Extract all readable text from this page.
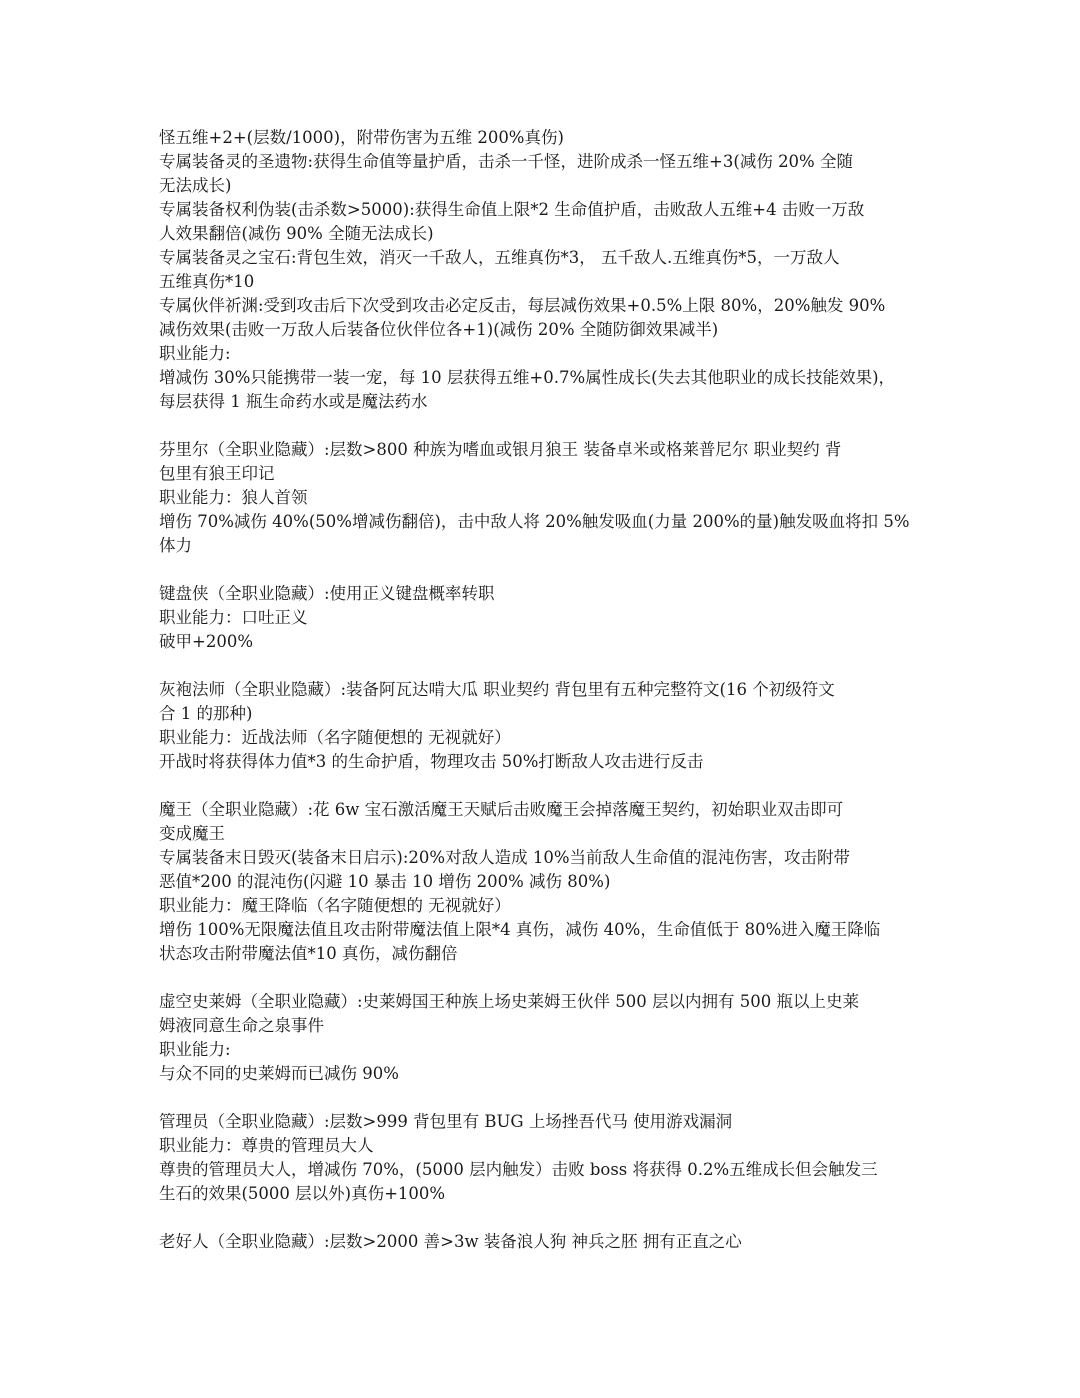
怪五维+2+(层数/1000)，附带伤害为五维 200%真伤)
专属装备灵的圣遗物:获得生命值等量护盾，击杀一千怪，进阶成杀一怪五维+3(减伤 20% 全随
无法成长)
专属装备权利伪装(击杀数>5000):获得生命值上限*2 生命值护盾，击败敌人五维+4 击败一万敌
人效果翻倍(减伤 90% 全随无法成长)
专属装备灵之宝石:背包生效，消灭一千敌人，五维真伤*3， 五千敌人.五维真伤*5，一万敌人
五维真伤*10
专属伙伴祈渊:受到攻击后下次受到攻击必定反击，每层减伤效果+0.5%上限 80%，20%触发 90%
减伤效果(击败一万敌人后装备位伙伴位各+1)(减伤 20% 全随防御效果减半)
职业能力:
增减伤 30%只能携带一装一宠，每 10 层获得五维+0.7%属性成长(失去其他职业的成长技能效果)，
每层获得 1 瓶生命药水或是魔法药水
芬里尔（全职业隐藏）:层数>800 种族为嗜血或银月狼王 装备卓米或格莱普尼尔 职业契约 背
包里有狼王印记
职业能力：狼人首领
增伤 70%减伤 40%(50%增减伤翻倍)，击中敌人将 20%触发吸血(力量 200%的量)触发吸血将扣 5%
体力
键盘侠（全职业隐藏）:使用正义键盘概率转职
职业能力：口吐正义
破甲+200%
灰袍法师（全职业隐藏）:装备阿瓦达啃大瓜 职业契约 背包里有五种完整符文(16 个初级符文
合 1 的那种)
职业能力：近战法师（名字随便想的 无视就好）
开战时将获得体力值*3 的生命护盾，物理攻击 50%打断敌人攻击进行反击
魔王（全职业隐藏）:花 6w 宝石激活魔王天赋后击败魔王会掉落魔王契约，初始职业双击即可
变成魔王
专属装备末日毁灭(装备末日启示):20%对敌人造成 10%当前敌人生命值的混沌伤害，攻击附带
恶值*200 的混沌伤(闪避 10 暴击 10 增伤 200% 减伤 80%)
职业能力：魔王降临（名字随便想的 无视就好）
增伤 100%无限魔法值且攻击附带魔法值上限*4 真伤，减伤 40%，生命值低于 80%进入魔王降临
状态攻击附带魔法值*10 真伤，减伤翻倍
虚空史莱姆（全职业隐藏）:史莱姆国王种族上场史莱姆王伙伴 500 层以内拥有 500 瓶以上史莱
姆液同意生命之泉事件
职业能力:
与众不同的史莱姆而已减伤 90%
管理员（全职业隐藏）:层数>999 背包里有 BUG 上场挫吾代马 使用游戏漏洞
职业能力：尊贵的管理员大人
尊贵的管理员大人，增减伤 70%，(5000 层内触发）击败 boss 将获得 0.2%五维成长但会触发三
生石的效果(5000 层以外)真伤+100%
老好人（全职业隐藏）:层数>2000 善>3w 装备浪人狗 神兵之胚 拥有正直之心
